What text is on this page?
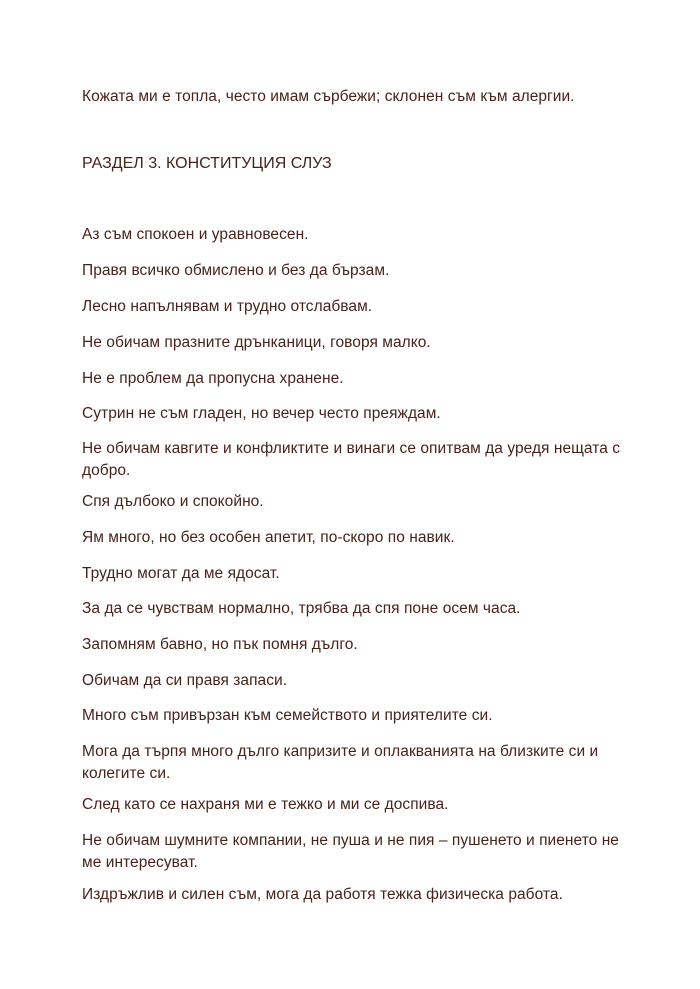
Кожата ми е топла, често имам сърбежи; склонен съм към алергии.

РАЗДЕЛ 3. КОНСТИТУЦИЯ СЛУЗ

Аз съм спокоен и уравновесен.

Правя всичко обмислено и без да бързам.

Лесно напълнявам и трудно отслабвам.

Не обичам празните дрънканици, говоря малко.

Не е проблем да пропусна хранене.

Сутрин не съм гладен, но вечер често преяждам.

Не обичам кавгите и конфликтите и винаги се опитвам да уредя нещата с добро.

Спя дълбоко и спокойно.

Ям много, но без особен апетит, по-скоро по навик.

Трудно могат да ме ядосат.

За да се чувствам нормално, трябва да спя поне осем часа.

Запомням бавно, но пък помня дълго.

Обичам да си правя запаси.

Много съм привързан към семейството и приятелите си.

Мога да търпя много дълго капризите и оплакванията на близките си и колегите си.

След като се нахраня ми е тежко и ми се доспива.

Не обичам шумните компании, не пуша и не пия – пушенето и пиенето не ме интересуват.

Издръжлив и силен съм, мога да работя тежка физическа работа.
